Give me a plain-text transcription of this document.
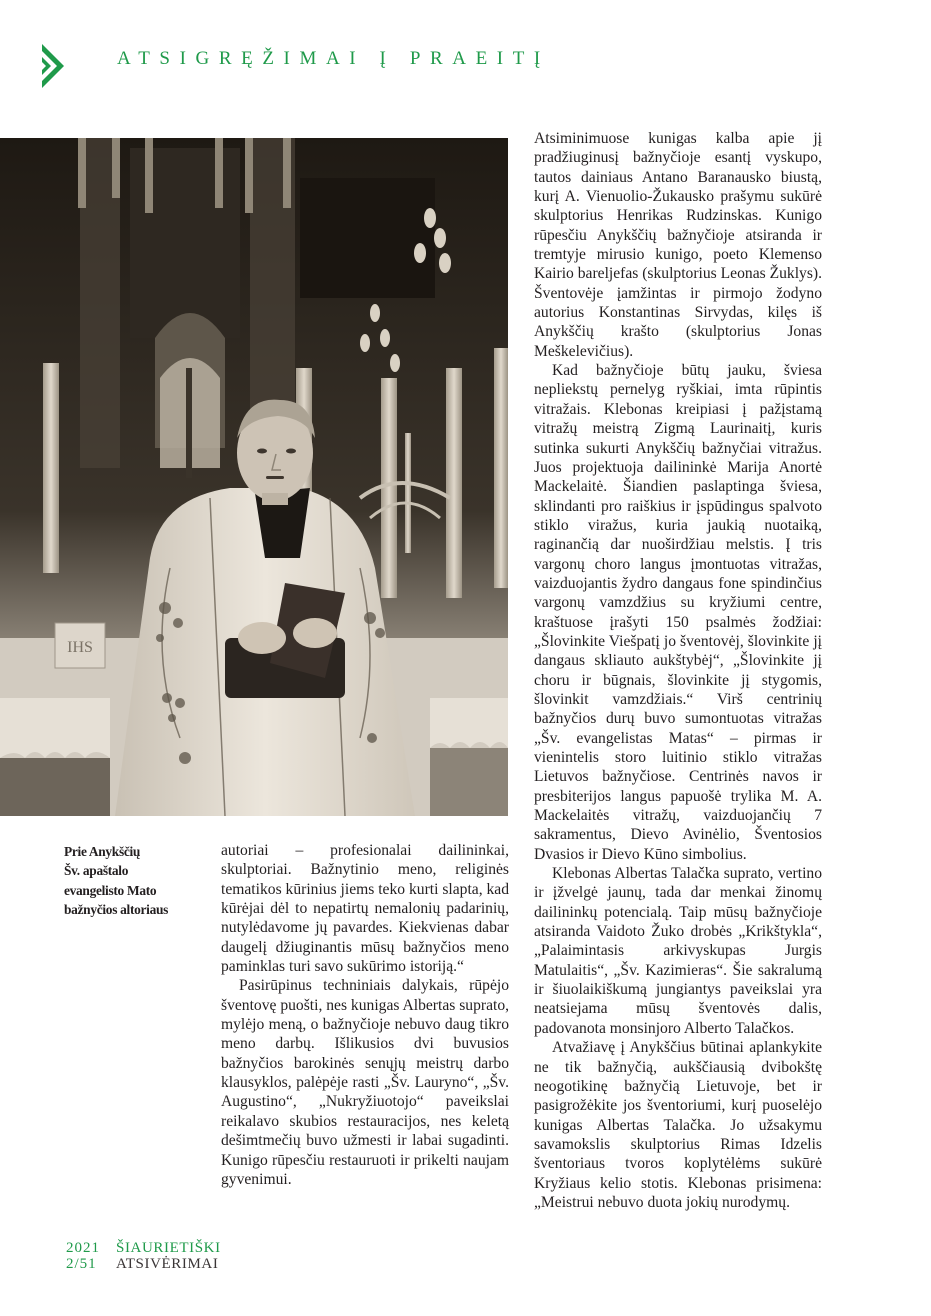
ATSIGRĘŽIMAI Į PRAEITĮ
IHS

Atsiminimuose kunigas kalba apie jį pradžiuginusį bažnyčioje esantį vyskupo, tautos dainiaus Antano Baranausko biustą, kurį A. Vienuolio-Žukausko prašymu sukūrė skulptorius Henrikas Rudzinskas. Kunigo rūpesčiu Anykščių bažnyčioje atsiranda ir tremtyje mirusio kunigo, poeto Klemenso Kairio bareljefas (skulptorius Leonas Žuklys). Šventovėje įamžintas ir pirmojo žodyno autorius Konstantinas Sirvydas, kilęs iš Anykščių krašto (skulptorius Jonas Meškelevičius).

Kad bažnyčioje būtų jauku, šviesa nepliekstų pernelyg ryškiai, imta rūpintis vitražais. Klebonas kreipiasi į pažįstamą vitražų meistrą Zigmą Laurinaitį, kuris sutinka sukurti Anykščių bažnyčiai vitražus. Juos projektuoja dailininkė Marija Anortė Mackelaitė. Šiandien paslaptinga šviesa, sklindanti pro raiškius ir įspūdingus spalvoto stiklo viražus, kuria jaukią nuotaiką, raginančią dar nuoširdžiau melstis. Į tris vargonų choro langus įmontuotas vitražas, vaizduojantis žydro dangaus fone spindinčius vargonų vamzdžius su kryžiumi centre, kraštuose įrašyti 150 psalmės žodžiai: „Šlovinkite Viešpatį jo šventovėj, šlovinkite jį dangaus skliauto aukštybėj“, „Šlovinkite jį choru ir būgnais, šlovinkite jį stygomis, šlovinkit vamzdžiais.“ Virš centrinių bažnyčios durų buvo sumontuotas vitražas „Šv. evangelistas Matas“ – pirmas ir vienintelis storo luitinio stiklo vitražas Lietuvos bažnyčiose. Centrinės navos ir presbiterijos langus papuošė trylika M. A. Mackelaitės vitražų, vaizduojančių 7 sakramentus, Dievo Avinėlio, Šventosios Dvasios ir Dievo Kūno simbolius.

Klebonas Albertas Talačka suprato, vertino ir įžvelgė jaunų, tada dar menkai žinomų dailininkų potencialą. Taip mūsų bažnyčioje atsiranda Vaidoto Žuko drobės „Krikštykla“, „Palaimintasis arkivyskupas Jurgis Matulaitis“, „Šv. Kazimieras“. Šie sakralumą ir šiuolaikiškumą jungiantys paveikslai yra neatsiejama mūsų šventovės dalis, padovanota monsinjoro Alberto Talačkos.

Atvažiavę į Anykščius būtinai aplankykite ne tik bažnyčią, aukščiausią dvibokštę neogotikinę bažnyčią Lietuvoje, bet ir pasigrožėkite jos šventoriumi, kurį puoselėjo kunigas Albertas Talačka. Jo užsakymu savamokslis skulptorius Rimas Idzelis šventoriaus tvoros koplytėlėms sukūrė Kryžiaus kelio stotis. Klebonas prisimena: „Meistrui nebuvo duota jokių nurodymų.

Prie Anykščių
Šv. apaštalo
evangelisto Mato
bažnyčios altoriaus

autoriai – profesionalai dailininkai, skulptoriai. Bažnytinio meno, religinės tematikos kūrinius jiems teko kurti slapta, kad kūrėjai dėl to nepatirtų nemalonių padarinių, nutylėdavome jų pavardes. Kiekvienas dabar daugelį džiuginantis mūsų bažnyčios meno paminklas turi savo sukūrimo istoriją.“

Pasirūpinus techniniais dalykais, rūpėjo šventovę puošti, nes kunigas Albertas suprato, mylėjo meną, o bažnyčioje nebuvo daug tikro meno darbų. Išlikusios dvi buvusios bažnyčios barokinės senųjų meistrų darbo klausyklos, palėpėje rasti „Šv. Lauryno“, „Šv. Augustino“, „Nukryžiuotojo“ paveikslai reikalavo skubios restauracijos, nes keletą dešimtmečių buvo užmesti ir labai sugadinti. Kunigo rūpesčiu restauruoti ir prikelti naujam gyvenimui.

2021	ŠIAURIETIŠKI
2/51	ATSIVĖRIMAI
